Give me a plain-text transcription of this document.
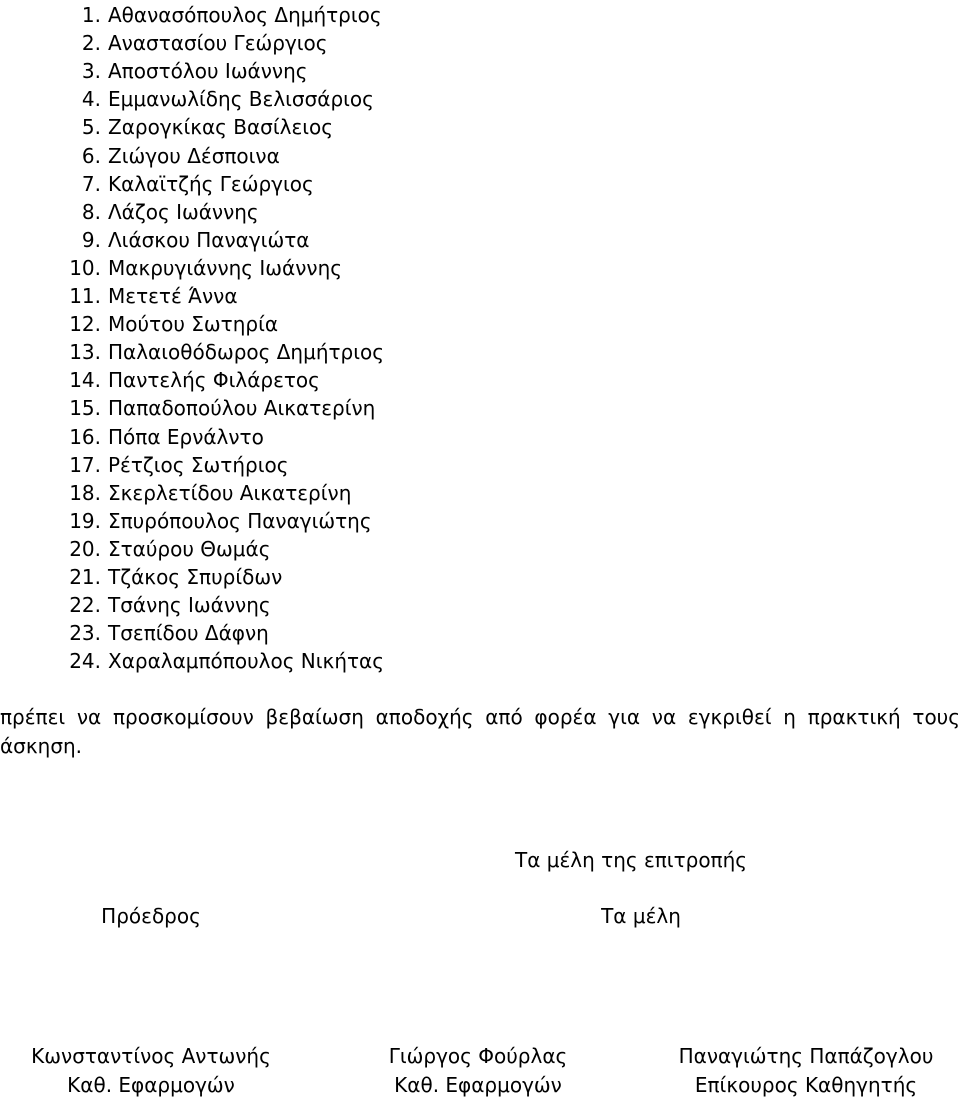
1. Αθανασόπουλος Δημήτριος
2. Αναστασίου Γεώργιος
3. Αποστόλου Ιωάννης
4. Εμμανωλίδης Βελισσάριος
5. Ζαρογκίκας Βασίλειος
6. Ζιώγου Δέσποινα
7. Καλαϊτζής Γεώργιος
8. Λάζος Ιωάννης
9. Λιάσκου Παναγιώτα
10. Μακρυγιάννης Ιωάννης
11. Μετετέ Άννα
12. Μούτου Σωτηρία
13. Παλαιοθόδωρος Δημήτριος
14. Παντελής Φιλάρετος
15. Παπαδοπούλου Αικατερίνη
16. Πόπα Ερνάλντο
17. Ρέτζιος Σωτήριος
18. Σκερλετίδου Αικατερίνη
19. Σπυρόπουλος Παναγιώτης
20. Σταύρου Θωμάς
21. Τζάκος Σπυρίδων
22. Τσάνης Ιωάννης
23. Τσεπίδου Δάφνη
24. Χαραλαμπόπουλος Νικήτας

πρέπει να προσκομίσουν βεβαίωση αποδοχής από φορέα για να εγκριθεί η πρακτική τους άσκηση.

Τα μέλη της επιτροπής
Πρόεδρος	Τα μέλη
Κωνσταντίνος Αντωνής
Καθ. Εφαρμογών
Γιώργος Φούρλας
Καθ. Εφαρμογών
Παναγιώτης Παπάζογλου
Επίκουρος Καθηγητής
